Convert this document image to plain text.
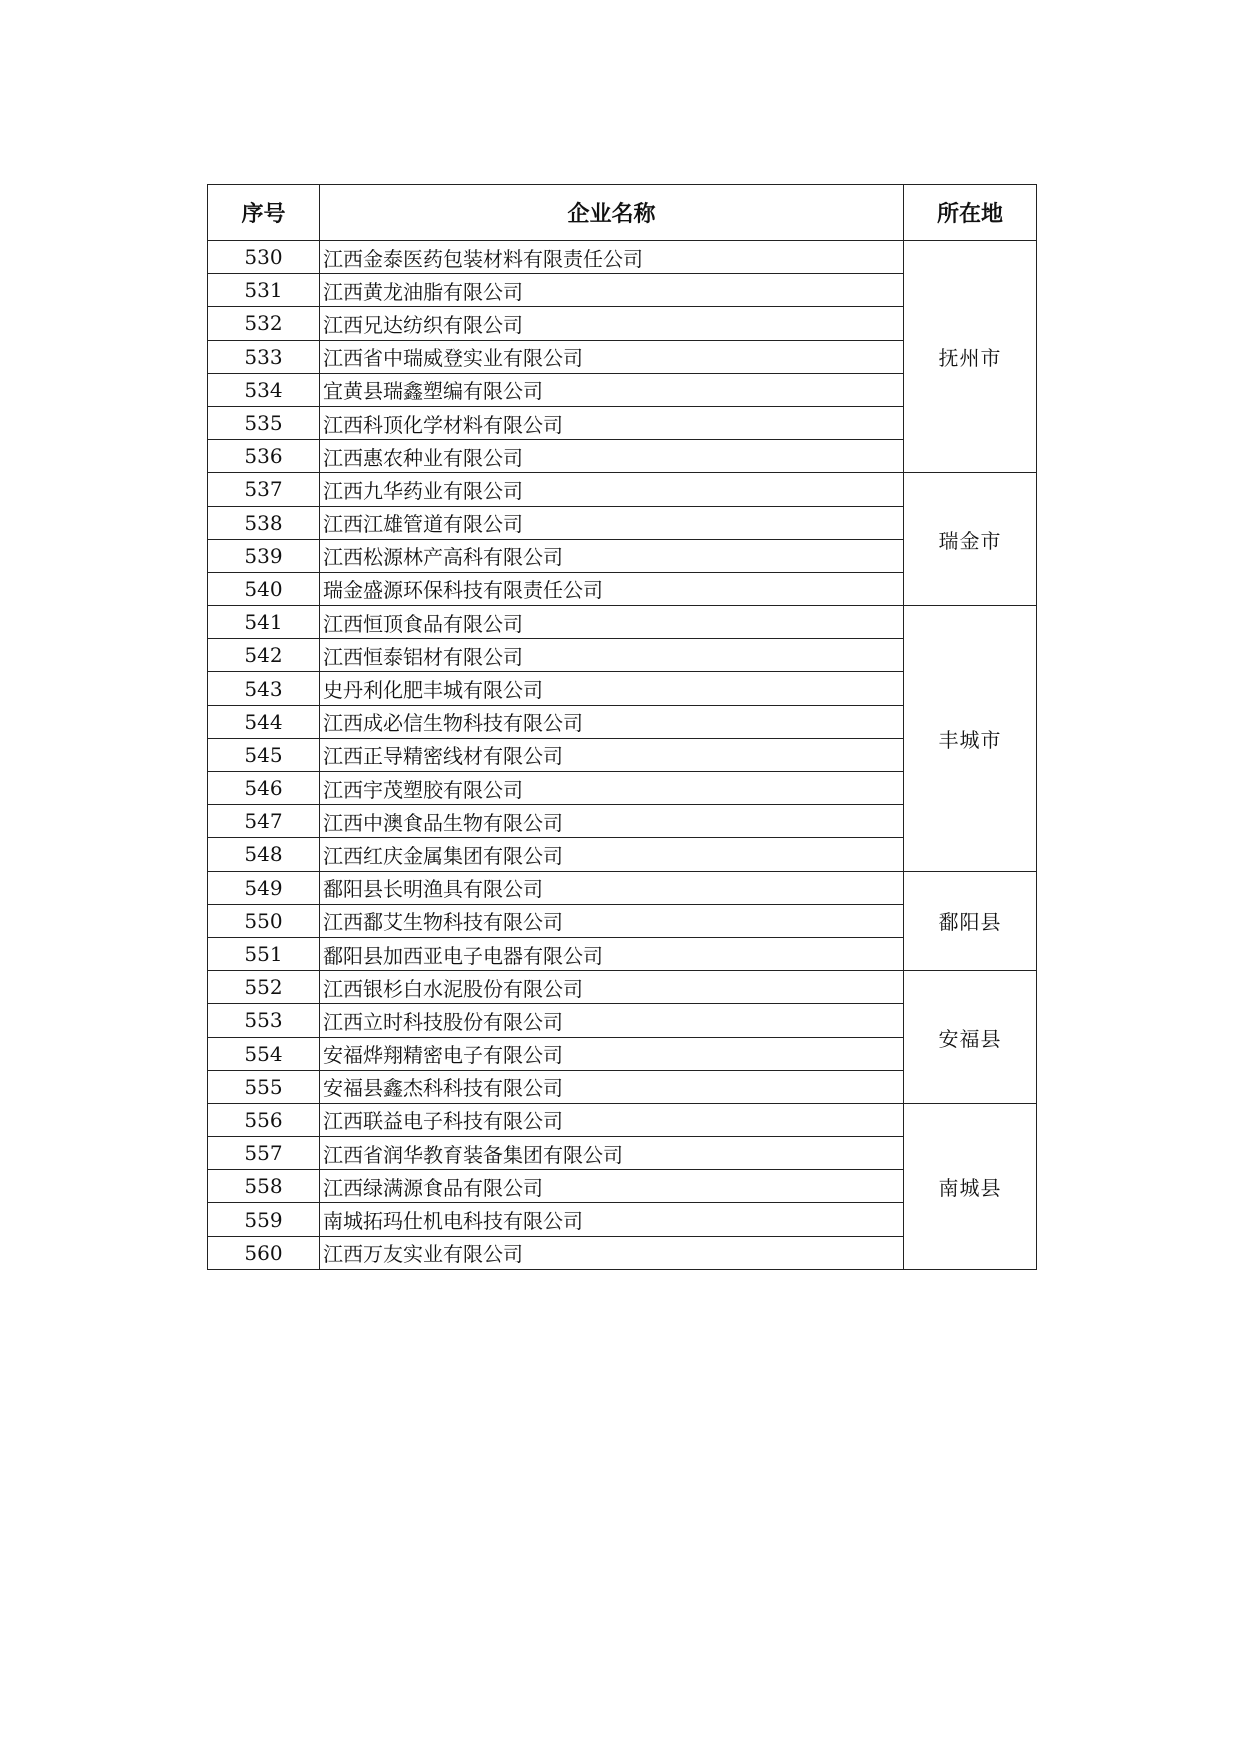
序号	企业名称	所在地
530	江西金泰医药包装材料有限责任公司	抚州市
531	江西黄龙油脂有限公司	
532	江西兄达纺织有限公司	
533	江西省中瑞威登实业有限公司	
534	宜黄县瑞鑫塑编有限公司	
535	江西科顶化学材料有限公司	
536	江西惠农种业有限公司	
537	江西九华药业有限公司	瑞金市
538	江西江雄管道有限公司	
539	江西松源林产高科有限公司	
540	瑞金盛源环保科技有限责任公司	
541	江西恒顶食品有限公司	丰城市
542	江西恒泰铝材有限公司	
543	史丹利化肥丰城有限公司	
544	江西成必信生物科技有限公司	
545	江西正导精密线材有限公司	
546	江西宇茂塑胶有限公司	
547	江西中澳食品生物有限公司	
548	江西红庆金属集团有限公司	
549	鄱阳县长明渔具有限公司	鄱阳县
550	江西鄱艾生物科技有限公司	
551	鄱阳县加西亚电子电器有限公司	
552	江西银杉白水泥股份有限公司	安福县
553	江西立时科技股份有限公司	
554	安福烨翔精密电子有限公司	
555	安福县鑫杰科科技有限公司	
556	江西联益电子科技有限公司	南城县
557	江西省润华教育装备集团有限公司	
558	江西绿满源食品有限公司	
559	南城拓玛仕机电科技有限公司	
560	江西万友实业有限公司	
